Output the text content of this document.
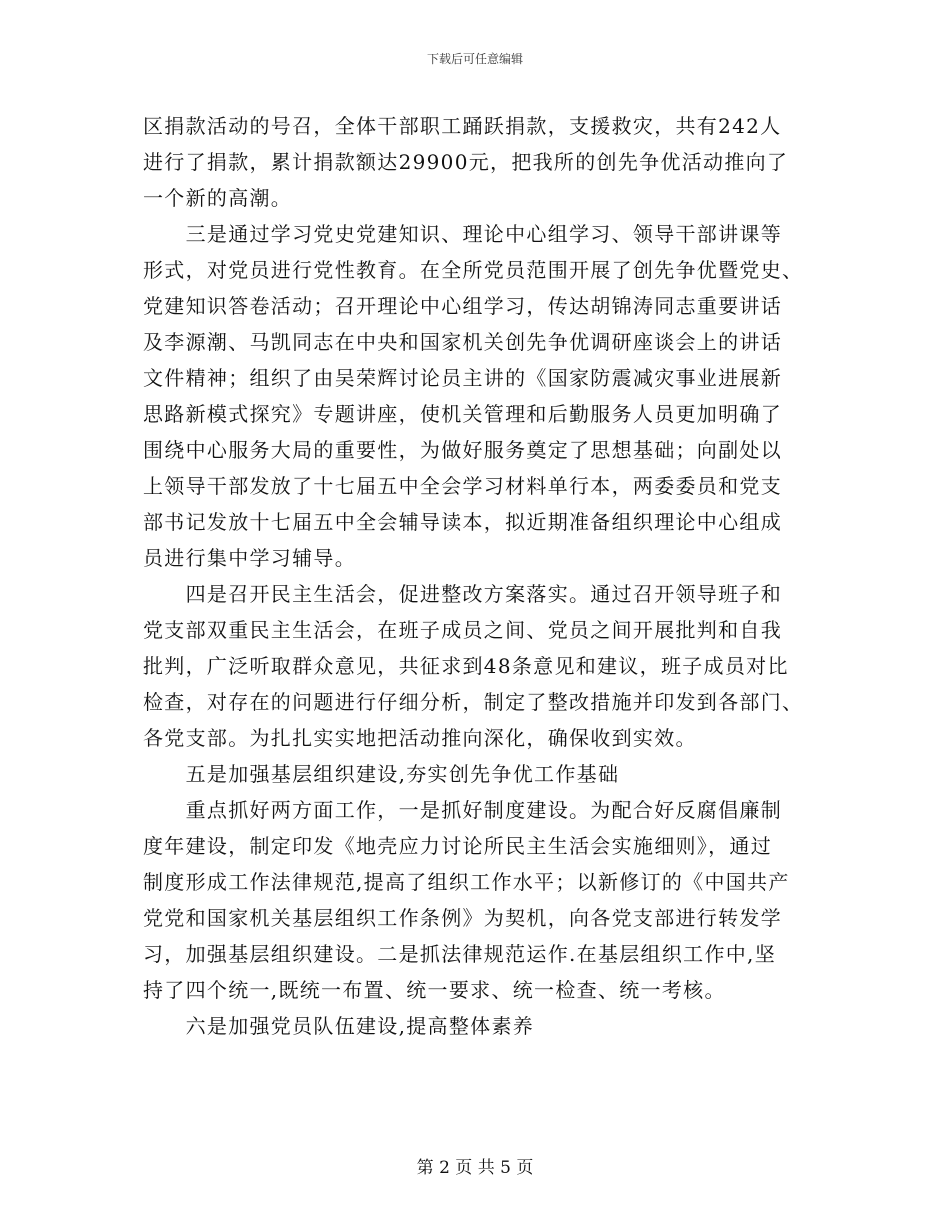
下载后可任意编辑
区捐款活动的号召，全体干部职工踊跃捐款，支援救灾，共有242人
进行了捐款，累计捐款额达29900元，把我所的创先争优活动推向了
一个新的高潮。
　　三是通过学习党史党建知识、理论中心组学习、领导干部讲课等
形式，对党员进行党性教育。在全所党员范围开展了创先争优暨党史、
党建知识答卷活动；召开理论中心组学习，传达胡锦涛同志重要讲话
及李源潮、马凯同志在中央和国家机关创先争优调研座谈会上的讲话
文件精神；组织了由吴荣辉讨论员主讲的《国家防震减灾事业进展新
思路新模式探究》专题讲座，使机关管理和后勤服务人员更加明确了
围绕中心服务大局的重要性，为做好服务奠定了思想基础；向副处以
上领导干部发放了十七届五中全会学习材料单行本，两委委员和党支
部书记发放十七届五中全会辅导读本，拟近期准备组织理论中心组成
员进行集中学习辅导。
　　四是召开民主生活会，促进整改方案落实。通过召开领导班子和
党支部双重民主生活会，在班子成员之间、党员之间开展批判和自我
批判，广泛听取群众意见，共征求到48条意见和建议，班子成员对比
检查，对存在的问题进行仔细分析，制定了整改措施并印发到各部门、
各党支部。为扎扎实实地把活动推向深化，确保收到实效。
　　五是加强基层组织建设,夯实创先争优工作基础
　　重点抓好两方面工作，一是抓好制度建设。为配合好反腐倡廉制
度年建设，制定印发《地壳应力讨论所民主生活会实施细则》，通过
制度形成工作法律规范,提高了组织工作水平；以新修订的《中国共产
党党和国家机关基层组织工作条例》为契机，向各党支部进行转发学
习，加强基层组织建设。二是抓法律规范运作.在基层组织工作中,坚
持了四个统一,既统一布置、统一要求、统一检查、统一考核。
　　六是加强党员队伍建设,提高整体素养
第 2 页 共 5 页
